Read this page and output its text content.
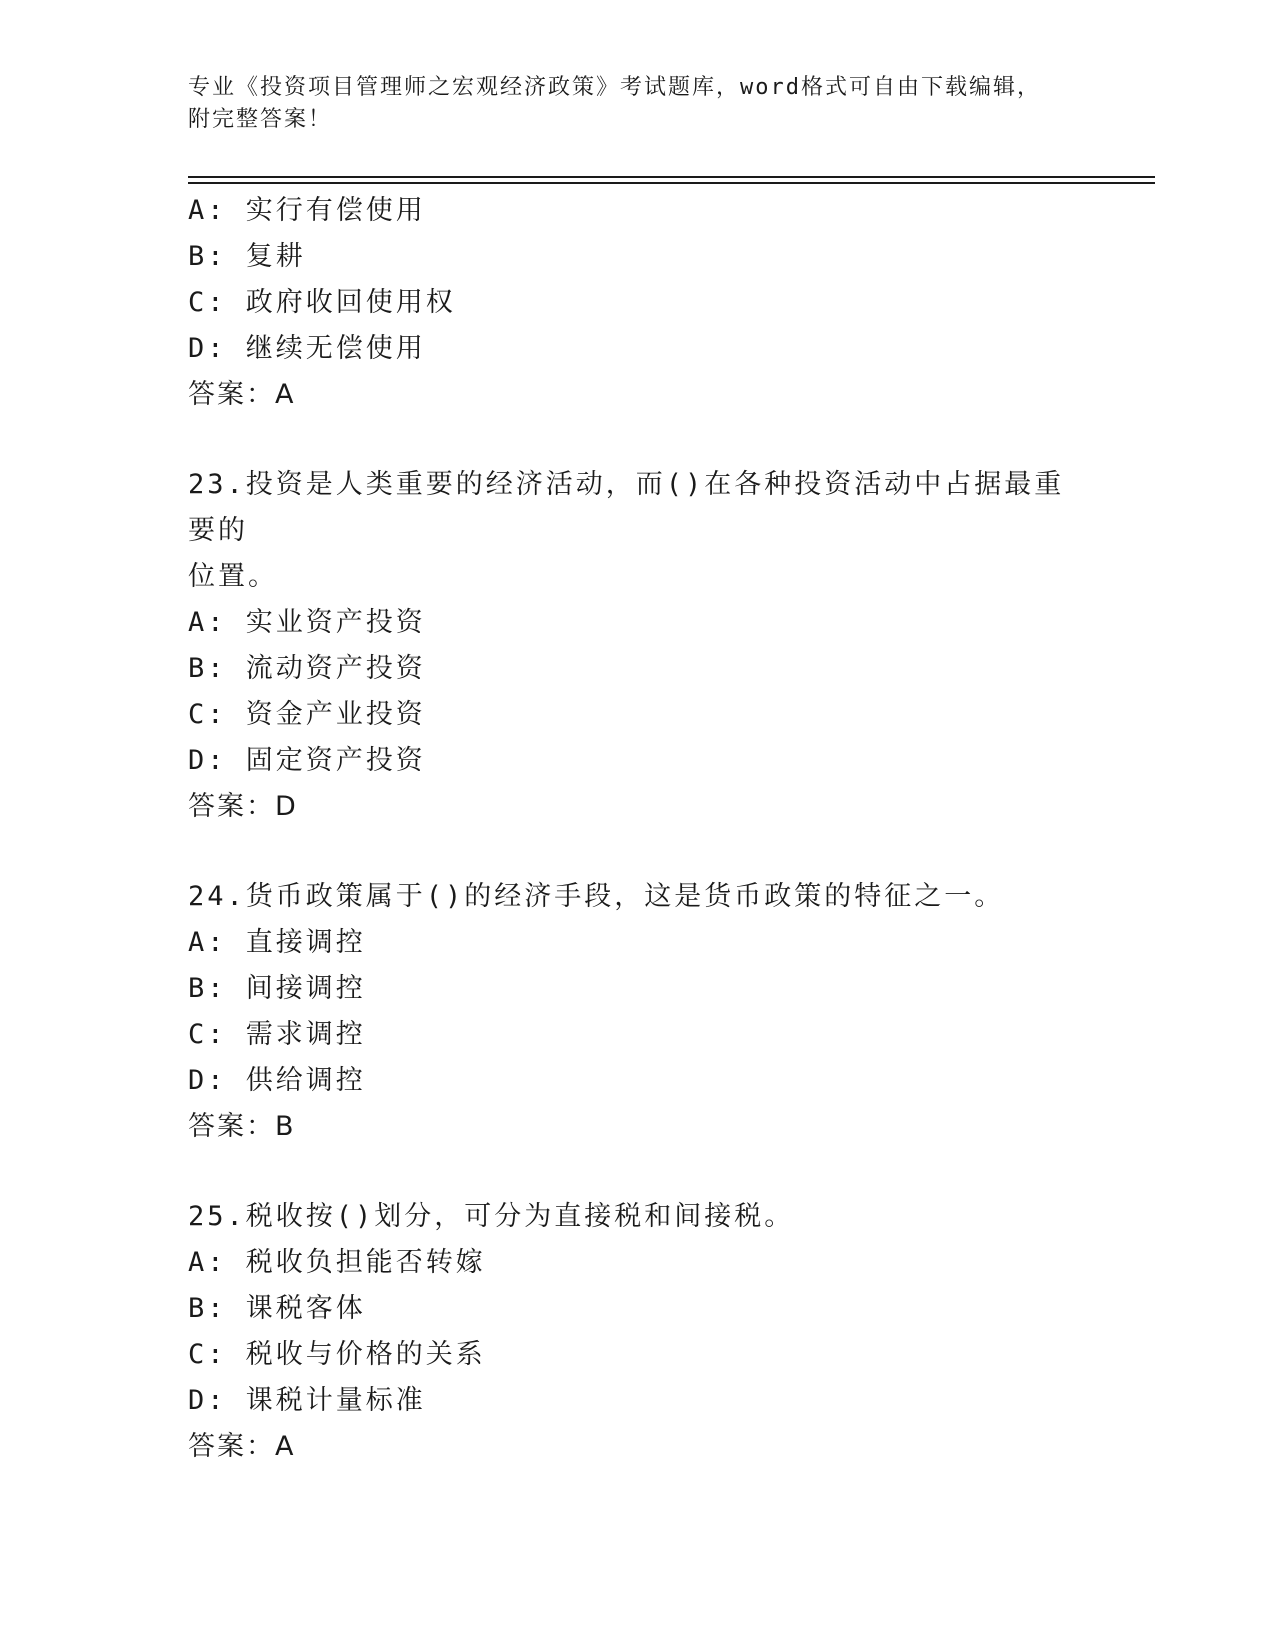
专业《投资项目管理师之宏观经济政策》考试题库，word格式可自由下载编辑，
附完整答案！
A: 实行有偿使用
B: 复耕
C: 政府收回使用权
D: 继续无偿使用
答案：A
23.投资是人类重要的经济活动，而()在各种投资活动中占据最重要的
位置。
A: 实业资产投资
B: 流动资产投资
C: 资金产业投资
D: 固定资产投资
答案：D
24.货币政策属于()的经济手段，这是货币政策的特征之一。
A: 直接调控
B: 间接调控
C: 需求调控
D: 供给调控
答案：B
25.税收按()划分，可分为直接税和间接税。
A: 税收负担能否转嫁
B: 课税客体
C: 税收与价格的关系
D: 课税计量标准
答案：A
